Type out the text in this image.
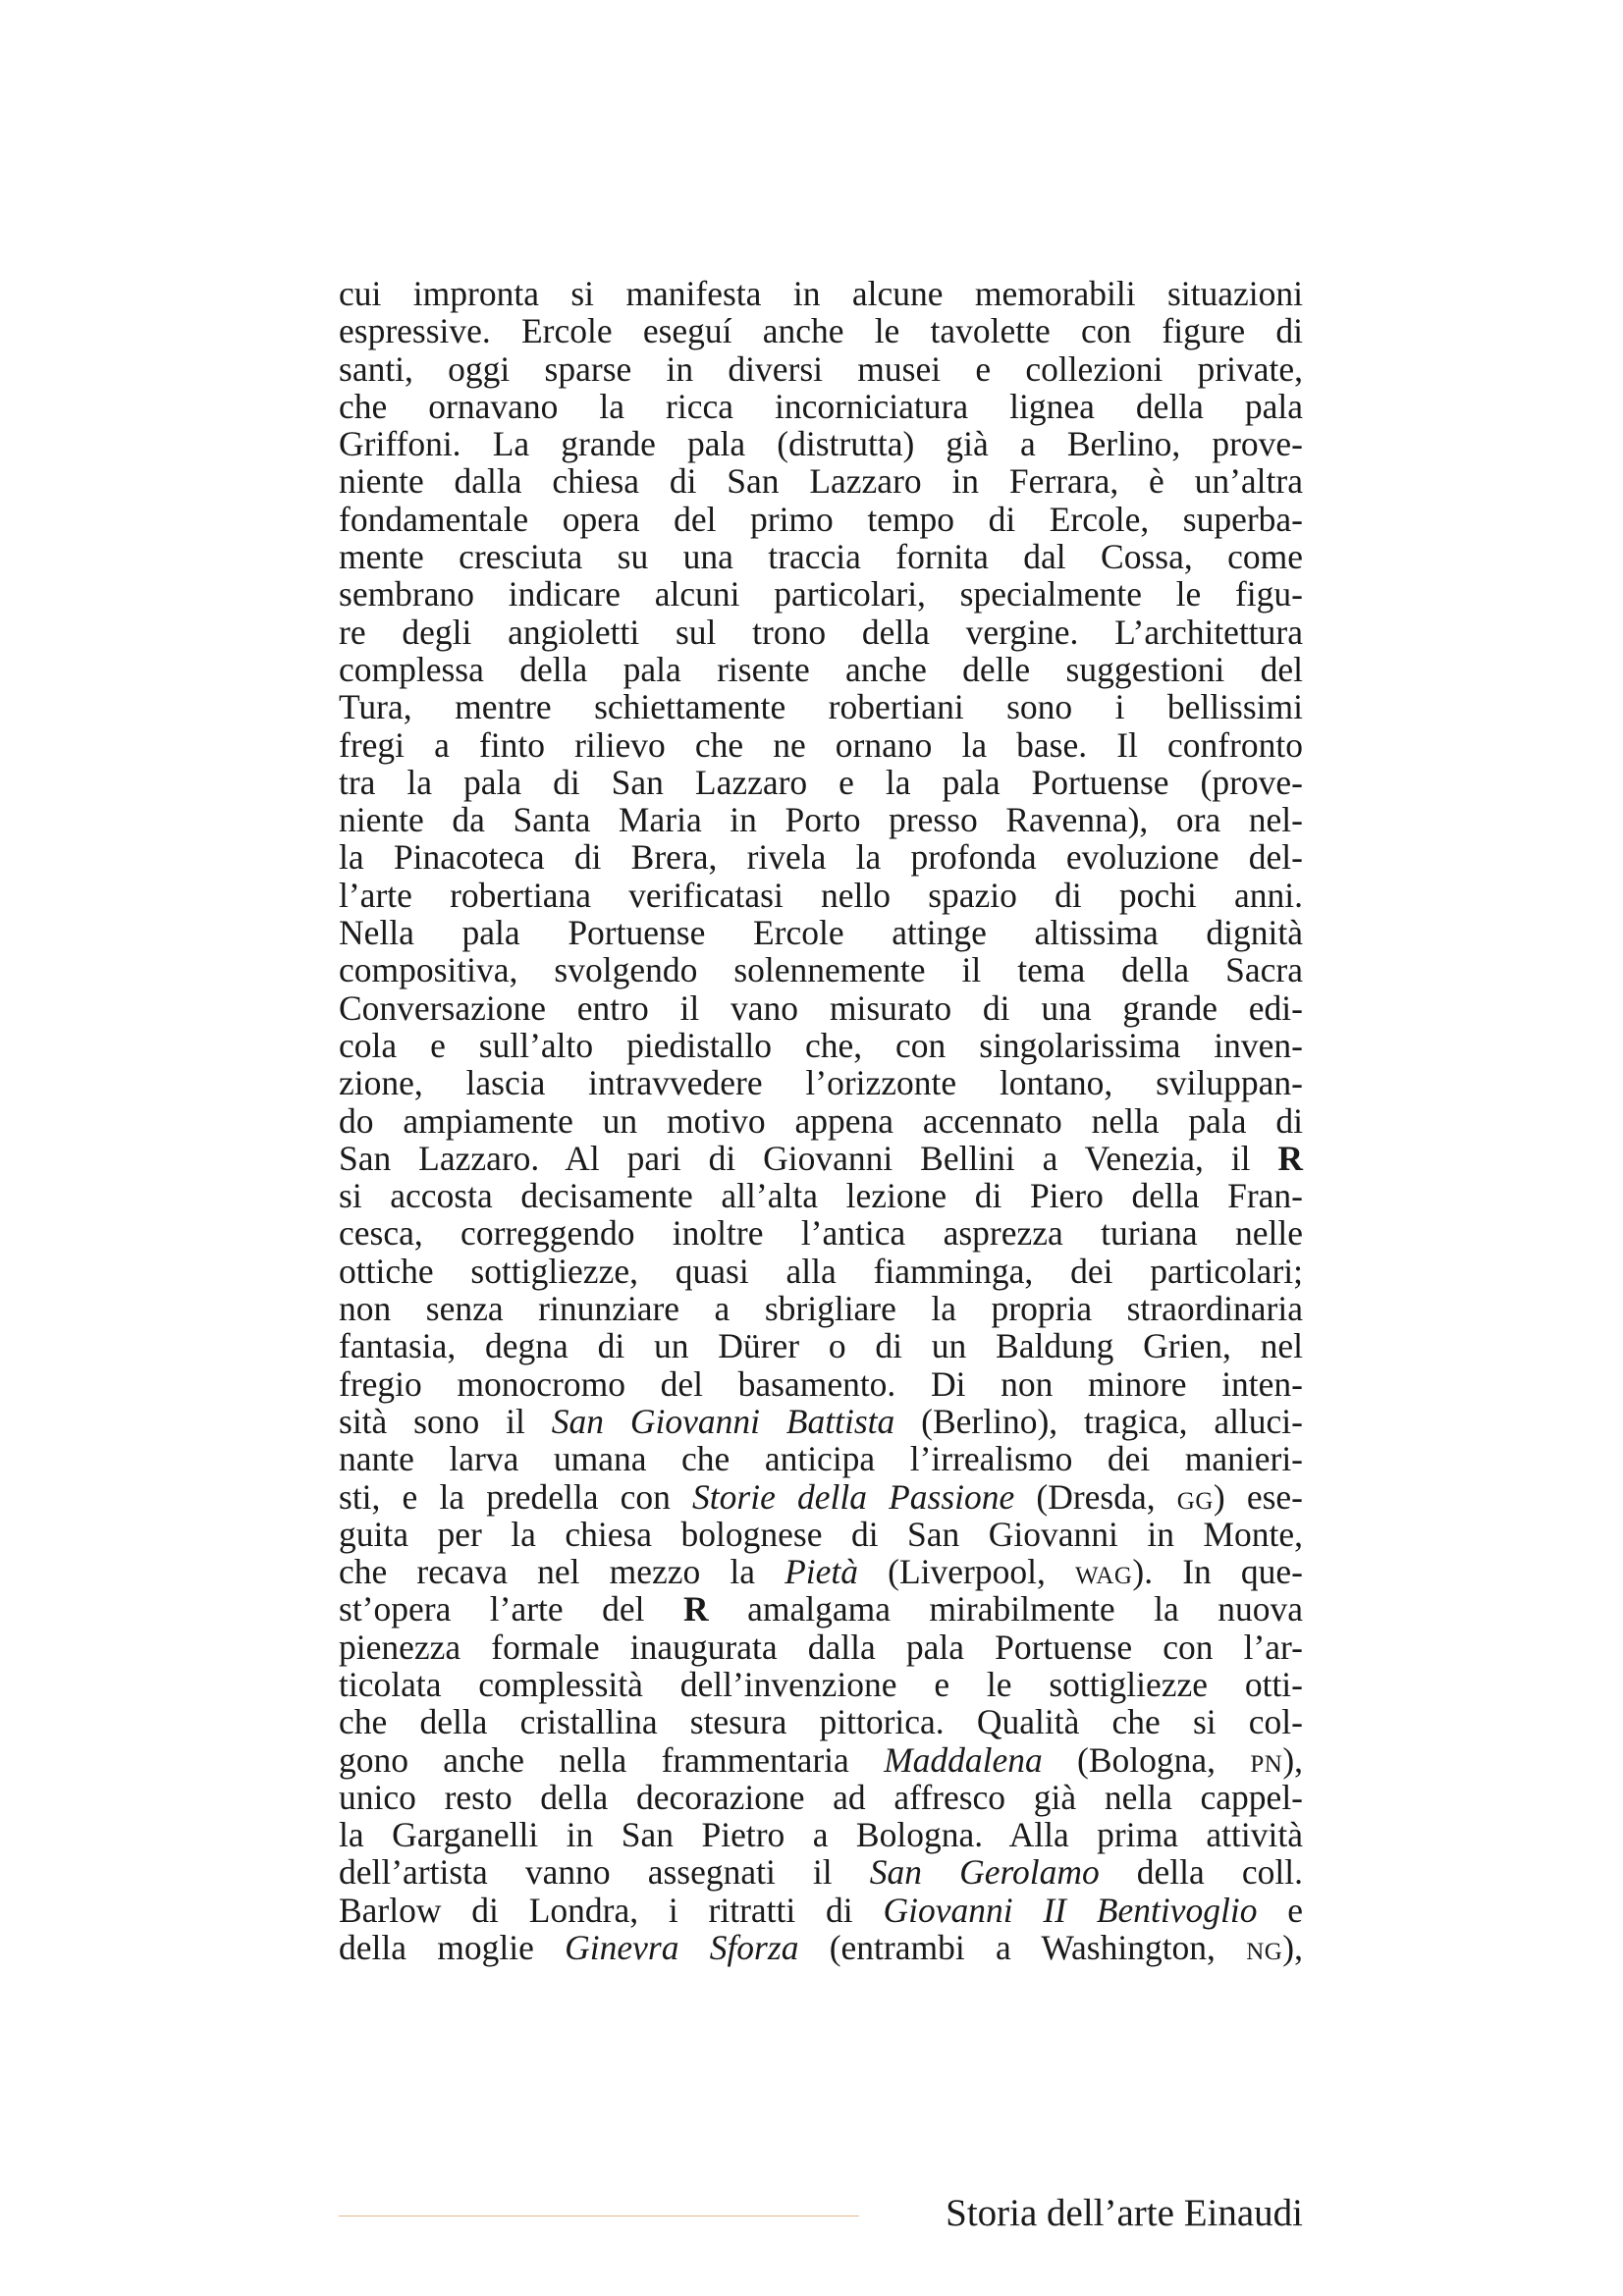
cui impronta si manifesta in alcune memorabili situazioni
espressive. Ercole eseguí anche le tavolette con figure di
santi, oggi sparse in diversi musei e collezioni private,
che ornavano la ricca incorniciatura lignea della pala
Griffoni. La grande pala (distrutta) già a Berlino, prove-
niente dalla chiesa di San Lazzaro in Ferrara, è un’altra
fondamentale opera del primo tempo di Ercole, superba-
mente cresciuta su una traccia fornita dal Cossa, come
sembrano indicare alcuni particolari, specialmente le figu-
re degli angioletti sul trono della vergine. L’architettura
complessa della pala risente anche delle suggestioni del
Tura, mentre schiettamente robertiani sono i bellissimi
fregi a finto rilievo che ne ornano la base. Il confronto
tra la pala di San Lazzaro e la pala Portuense (prove-
niente da Santa Maria in Porto presso Ravenna), ora nel-
la Pinacoteca di Brera, rivela la profonda evoluzione del-
l’arte robertiana verificatasi nello spazio di pochi anni.
Nella pala Portuense Ercole attinge altissima dignità
compositiva, svolgendo solennemente il tema della Sacra
Conversazione entro il vano misurato di una grande edi-
cola e sull’alto piedistallo che, con singolarissima inven-
zione, lascia intravvedere l’orizzonte lontano, sviluppan-
do ampiamente un motivo appena accennato nella pala di
San Lazzaro. Al pari di Giovanni Bellini a Venezia, il R
si accosta decisamente all’alta lezione di Piero della Fran-
cesca, correggendo inoltre l’antica asprezza turiana nelle
ottiche sottigliezze, quasi alla fiamminga, dei particolari;
non senza rinunziare a sbrigliare la propria straordinaria
fantasia, degna di un Dürer o di un Baldung Grien, nel
fregio monocromo del basamento. Di non minore inten-
sità sono il San Giovanni Battista (Berlino), tragica, alluci-
nante larva umana che anticipa l’irrealismo dei manieri-
sti, e la predella con Storie della Passione (Dresda, gg) ese-
guita per la chiesa bolognese di San Giovanni in Monte,
che recava nel mezzo la Pietà (Liverpool, wag). In que-
st’opera l’arte del R amalgama mirabilmente la nuova
pienezza formale inaugurata dalla pala Portuense con l’ar-
ticolata complessità dell’invenzione e le sottigliezze otti-
che della cristallina stesura pittorica. Qualità che si col-
gono anche nella frammentaria Maddalena (Bologna, pn),
unico resto della decorazione ad affresco già nella cappel-
la Garganelli in San Pietro a Bologna. Alla prima attività
dell’artista vanno assegnati il San Gerolamo della coll.
Barlow di Londra, i ritratti di Giovanni II Bentivoglio e
della moglie Ginevra Sforza (entrambi a Washington, ng),
Storia dell’arte Einaudi
